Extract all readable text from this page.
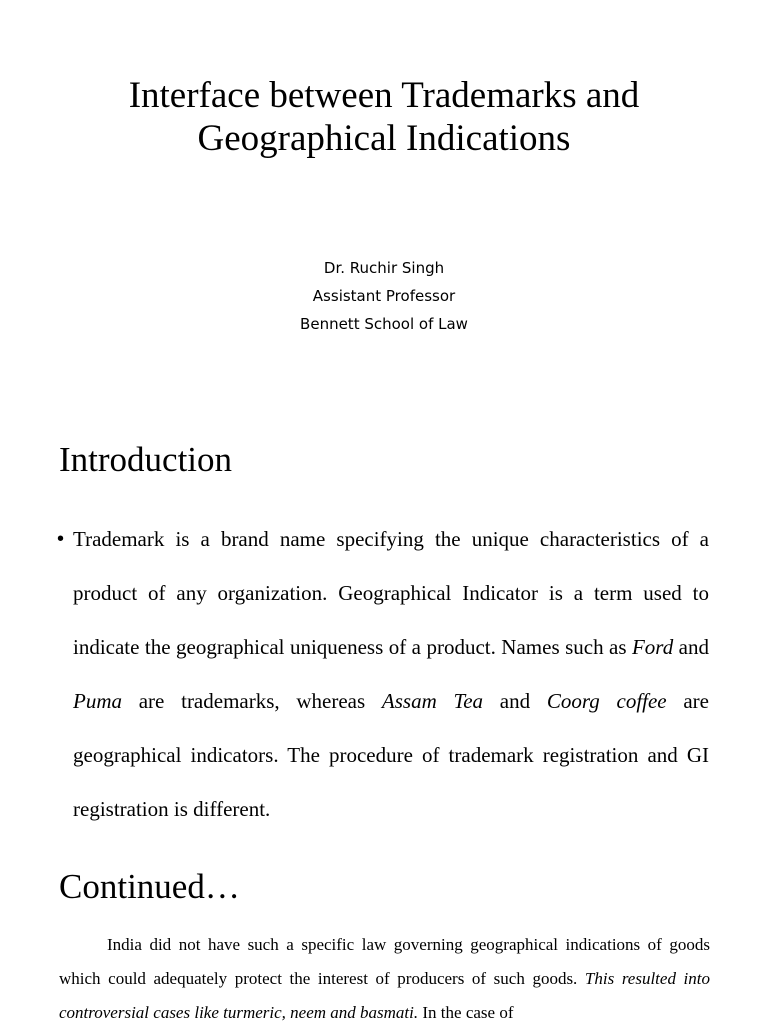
Interface between Trademarks and
Geographical Indications
Dr. Ruchir Singh
Assistant Professor
Bennett School of Law
Introduction
• Trademark is a brand name specifying the unique characteristics of a product of any organization. Geographical Indicator is a term used to indicate the geographical uniqueness of a product. Names such as Ford and Puma are trademarks, whereas Assam Tea and Coorg coffee are geographical indicators. The procedure of trademark registration and GI registration is different.

Continued…

India did not have such a specific law governing geographical indications of goods which could adequately protect the interest of producers of such goods. This resulted into controversial cases like turmeric, neem and basmati. In the case of
